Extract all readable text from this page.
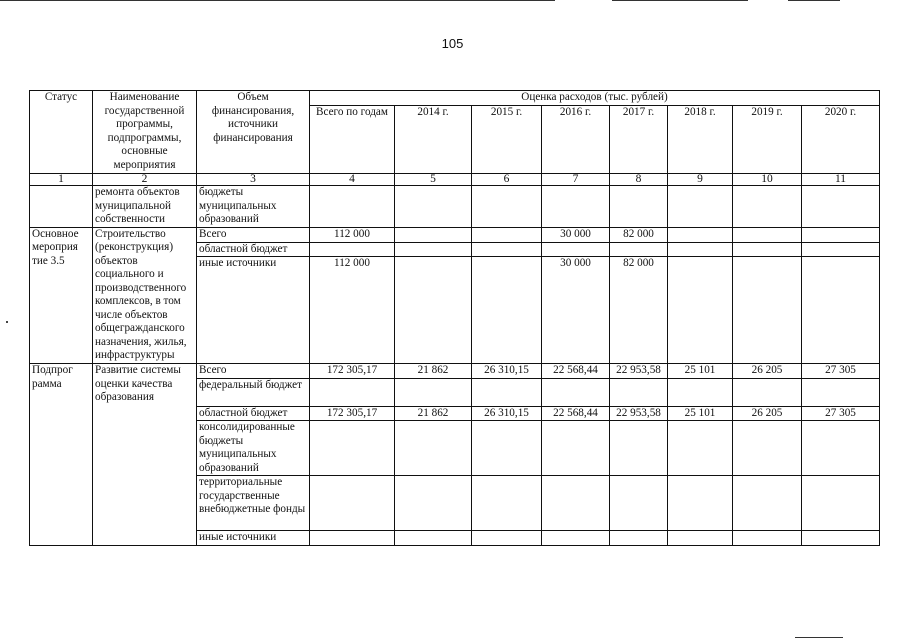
105
Статус	Наименование государственной программы, подпрограммы, основные мероприятия	Объем финансирования, источники финансирования	Оценка расходов (тыс. рублей)							
			Всего по годам	2014 г.	2015 г.	2016 г.	2017 г.	2018 г.	2019 г.	2020 г.
1	2	3	4	5	6	7	8	9	10	11
	ремонта объектов муниципальной собственности	бюджеты муниципальных образований								
Основное мероприя тие 3.5	Строительство (реконструкция) объектов социального и производственного комплексов, в том числе объектов общегражданского назначения, жилья, инфраструктуры	Всего	112 000			30 000	82 000			
		областной бюджет								
		иные источники	112 000			30 000	82 000			
Подпрог рамма	Развитие системы оценки качества образования	Всего	172 305,17	21 862	26 310,15	22 568,44	22 953,58	25 101	26 205	27 305
		федеральный бюджет								
		областной бюджет	172 305,17	21 862	26 310,15	22 568,44	22 953,58	25 101	26 205	27 305
		консолидированные бюджеты муниципальных образований								
		территориальные государственные внебюджетные фонды								
		иные источники								
